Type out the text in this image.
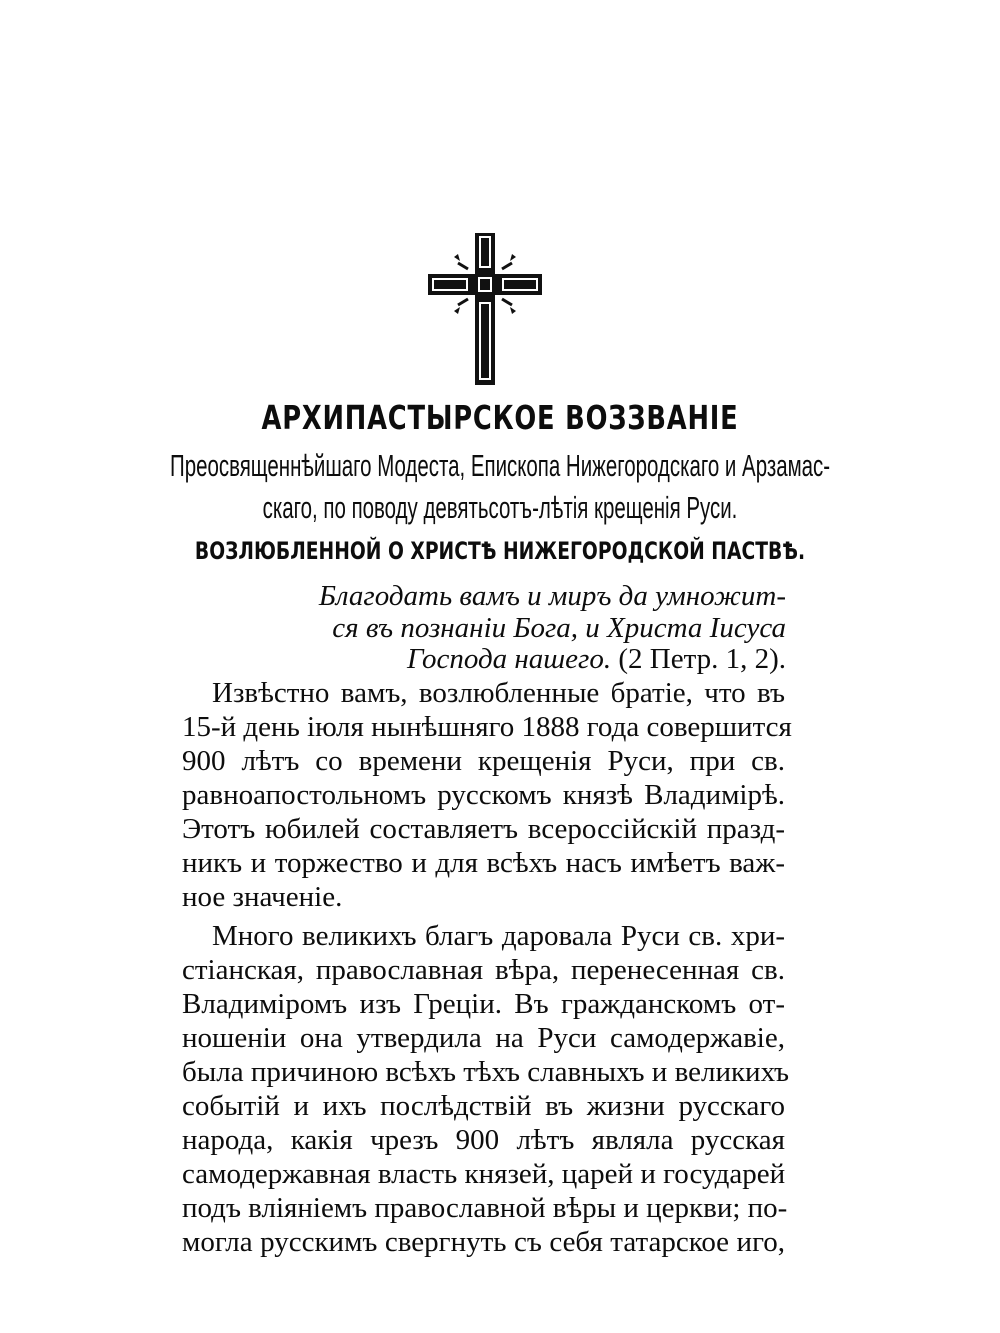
АРХИПАСТЫРСКОЕ ВОЗЗВАНІЕ
Преосвященнѣйшаго Модеста, Епископа Нижегородскаго и Арзамас-
скаго, по поводу девятьсотъ-лѣтія крещенія Руси.
ВОЗЛЮБЛЕННОЙ О ХРИСТѢ НИЖЕГОРОДСКОЙ ПАСТВѢ.
Благодать вамъ и миръ да умножит-
ся въ познаніи Бога, и Христа Іисуса
Господа нашего. (2 Петр. 1, 2).
Извѣстно вамъ, возлюбленные братіе, что въ
15-й день іюля нынѣшняго 1888 года совершится
900 лѣтъ со времени крещенія Руси, при св.
равноапостольномъ русскомъ князѣ Владимірѣ.
Этотъ юбилей составляетъ всероссійскій празд-
никъ и торжество и для всѣхъ насъ имѣетъ важ-
ное значеніе.
Много великихъ благъ даровала Руси св. хри-
стіанская, православная вѣра, перенесенная св.
Владиміромъ изъ Греціи. Въ гражданскомъ от-
ношеніи она утвердила на Руси самодержавіе,
была причиною всѣхъ тѣхъ славныхъ и великихъ
событій и ихъ послѣдствій въ жизни русскаго
народа, какія чрезъ 900 лѣтъ являла русская
самодержавная власть князей, царей и государей
подъ вліяніемъ православной вѣры и церкви; по-
могла русскимъ свергнуть съ себя татарское иго,
